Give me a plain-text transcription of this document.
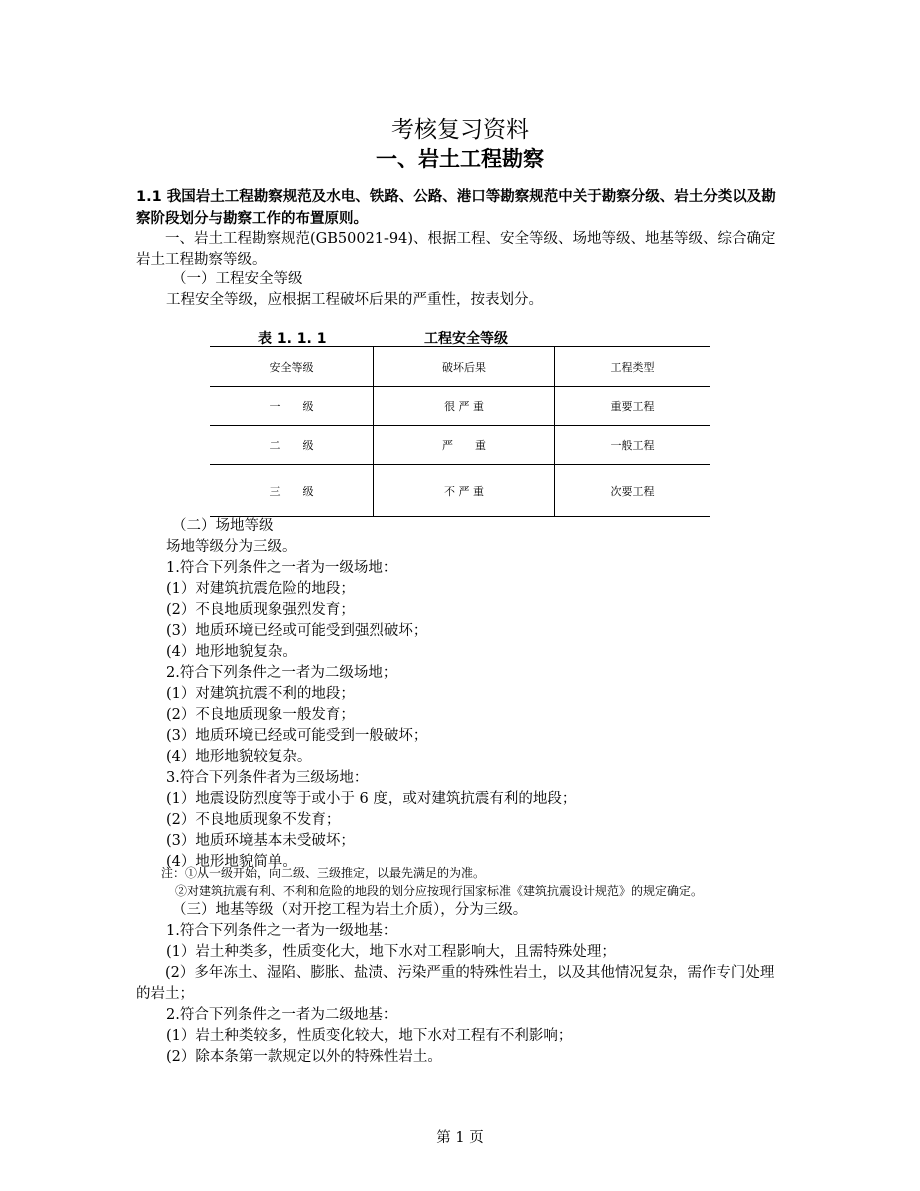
考核复习资料
一、岩土工程勘察
1.1 我国岩土工程勘察规范及水电、铁路、公路、港口等勘察规范中关于勘察分级、岩土分类以及勘察阶段划分与勘察工作的布置原则。
一、岩土工程勘察规范(GB50021-94)、根据工程、安全等级、场地等级、地基等级、综合确定岩土工程勘察等级。
（一）工程安全等级
工程安全等级，应根据工程破坏后果的严重性，按表划分。
表 1. 1. 1	工程安全等级
安全等级	破坏后果	工程类型
一　　级	很 严 重	重要工程
二　　级	严　　重	一般工程
三　　级	不 严 重	次要工程
（二）场地等级
场地等级分为三级。
1.符合下列条件之一者为一级场地：
(1）对建筑抗震危险的地段；
(2）不良地质现象强烈发育；
(3）地质环境已经或可能受到强烈破坏；
(4）地形地貌复杂。
2.符合下列条件之一者为二级场地；
(1）对建筑抗震不利的地段；
(2）不良地质现象一般发育；
(3）地质环境已经或可能受到一般破坏；
(4）地形地貌较复杂。
3.符合下列条件者为三级场地：
(1）地震设防烈度等于或小于 6 度，或对建筑抗震有利的地段；
(2）不良地质现象不发育；
(3）地质环境基本未受破坏；
(4）地形地貌简单。
注：①从一级开始，向二级、三级推定，以最先满足的为准。
②对建筑抗震有利、不利和危险的地段的划分应按现行国家标准《建筑抗震设计规范》的规定确定。
（三）地基等级（对开挖工程为岩土介质），分为三级。
1.符合下列条件之一者为一级地基：
(1）岩土种类多，性质变化大，地下水对工程影响大，且需特殊处理；
(2）多年冻土、湿陷、膨胀、盐渍、污染严重的特殊性岩土，以及其他情况复杂，需作专门处理的岩土；
2.符合下列条件之一者为二级地基：
(1）岩土种类较多，性质变化较大，地下水对工程有不利影响；
(2）除本条第一款规定以外的特殊性岩土。
第 1 页
